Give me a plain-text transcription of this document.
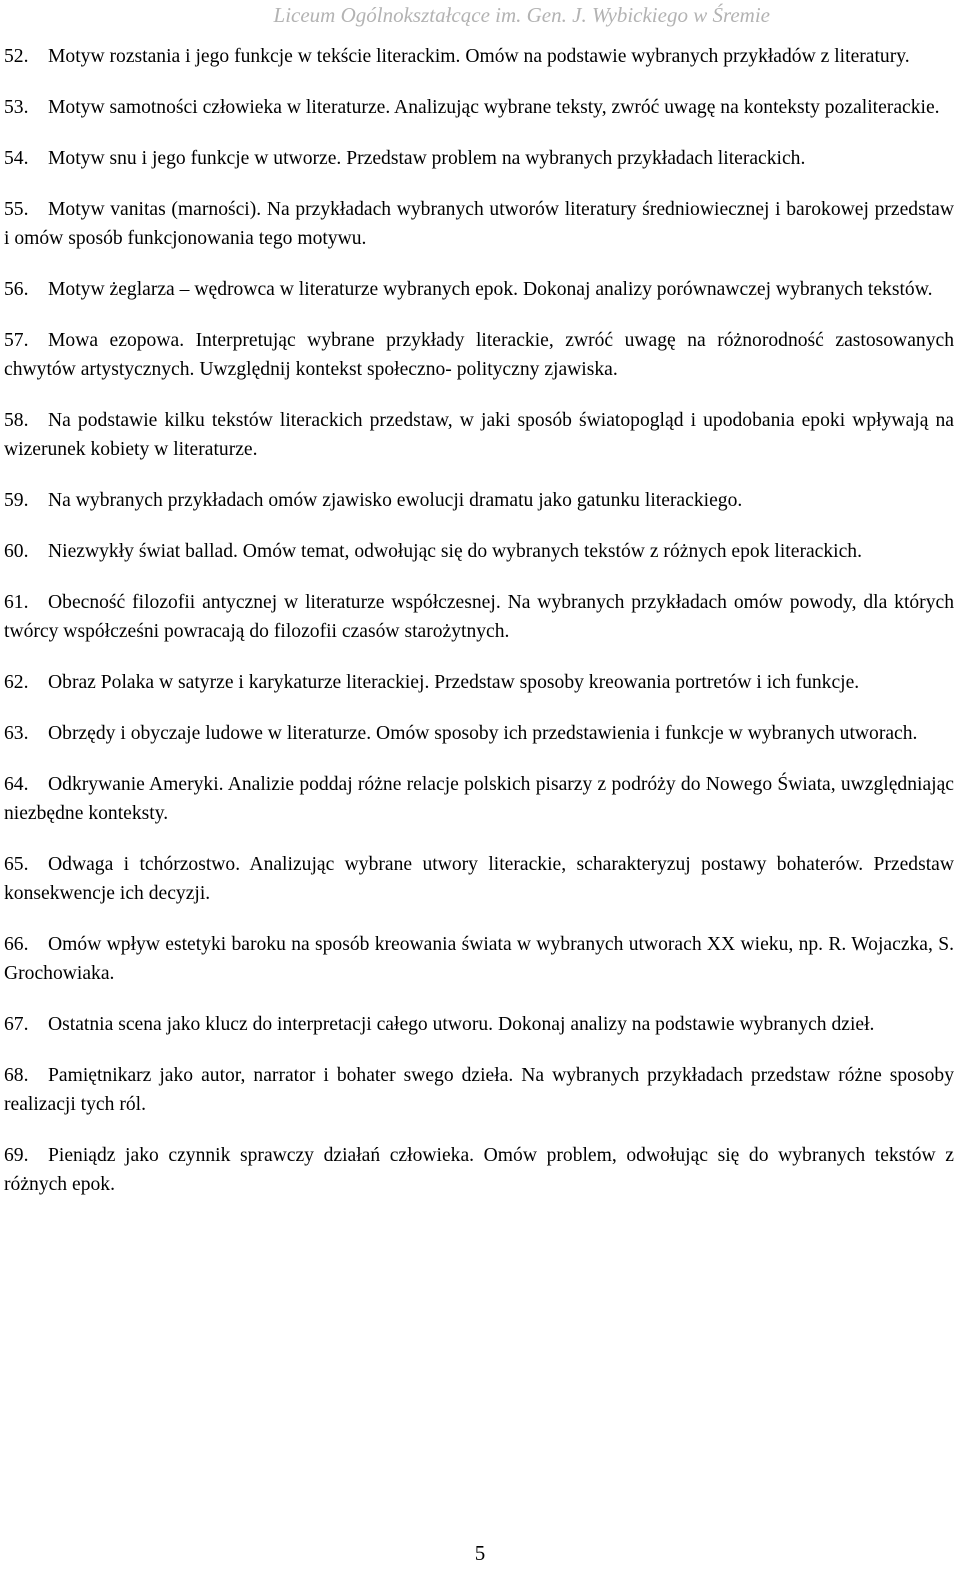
Liceum Ogólnokształcące im. Gen. J. Wybickiego w Śremie

52. Motyw rozstania i jego funkcje w tekście literackim. Omów na podstawie wybranych przykładów z literatury.

53. Motyw samotności człowieka w literaturze. Analizując wybrane teksty, zwróć uwagę na konteksty pozaliterackie.

54. Motyw snu i jego funkcje w utworze. Przedstaw problem na wybranych przykładach literackich.

55. Motyw vanitas (marności). Na przykładach wybranych utworów literatury średniowiecznej i barokowej przedstaw i omów sposób funkcjonowania tego motywu.

56. Motyw żeglarza – wędrowca w literaturze wybranych epok. Dokonaj analizy porównawczej wybranych tekstów.

57. Mowa ezopowa. Interpretując wybrane przykłady literackie, zwróć uwagę na różnorodność zastosowanych chwytów artystycznych. Uwzględnij kontekst społeczno- polityczny zjawiska.

58. Na podstawie kilku tekstów literackich przedstaw, w jaki sposób światopogląd i upodobania epoki wpływają na wizerunek kobiety w literaturze.

59. Na wybranych przykładach omów zjawisko ewolucji dramatu jako gatunku literackiego.

60. Niezwykły świat ballad. Omów temat, odwołując się do wybranych tekstów z różnych epok literackich.

61. Obecność filozofii antycznej w literaturze współczesnej. Na wybranych przykładach omów powody, dla których twórcy współcześni powracają do filozofii czasów starożytnych.

62. Obraz Polaka w satyrze i karykaturze literackiej. Przedstaw sposoby kreowania portretów i ich funkcje.

63. Obrzędy i obyczaje ludowe w literaturze. Omów sposoby ich przedstawienia i funkcje w wybranych utworach.

64. Odkrywanie Ameryki. Analizie poddaj różne relacje polskich pisarzy z podróży do Nowego Świata, uwzględniając niezbędne konteksty.

65. Odwaga i tchórzostwo. Analizując wybrane utwory literackie, scharakteryzuj postawy bohaterów. Przedstaw konsekwencje ich decyzji.

66. Omów wpływ estetyki baroku na sposób kreowania świata w wybranych utworach XX wieku, np. R. Wojaczka, S. Grochowiaka.

67. Ostatnia scena jako klucz do interpretacji całego utworu. Dokonaj analizy na podstawie wybranych dzieł.

68. Pamiętnikarz jako autor, narrator i bohater swego dzieła. Na wybranych przykładach przedstaw różne sposoby realizacji tych ról.

69. Pieniądz jako czynnik sprawczy działań człowieka. Omów problem, odwołując się do wybranych tekstów z różnych epok.

5
